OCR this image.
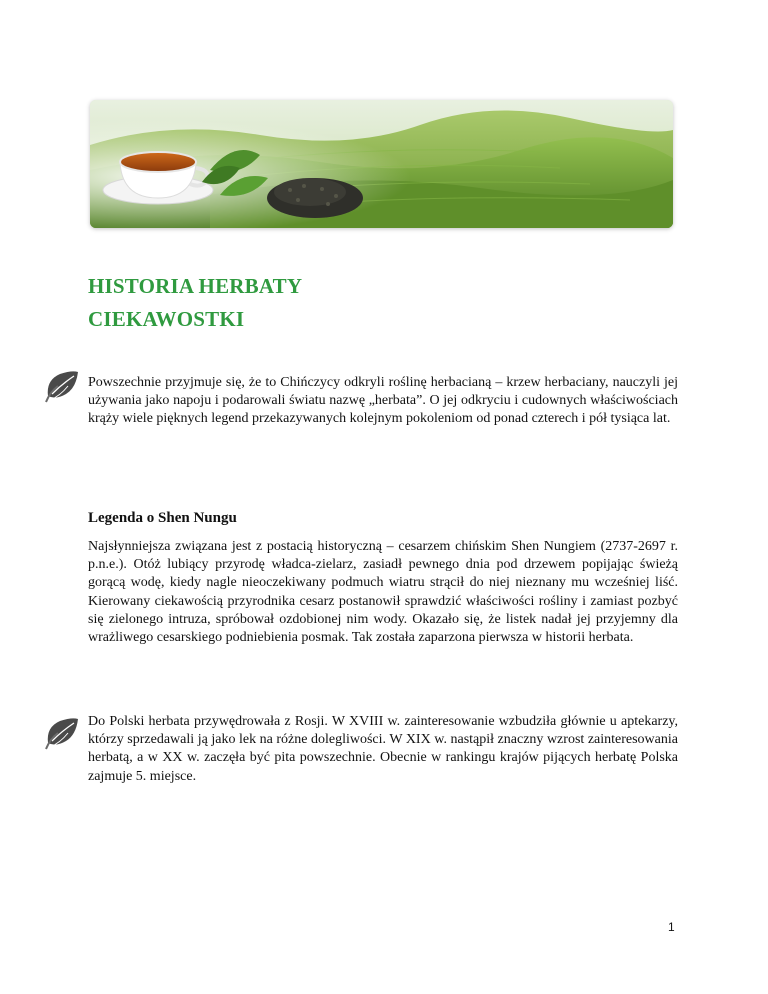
HISTORIA HERBATY
CIEKAWOSTKI

Powszechnie przyjmuje się, że to Chińczycy odkryli roślinę herbacianą – krzew herbaciany, nauczyli jej używania jako napoju i podarowali światu nazwę „herbata”. O jej odkryciu i cudownych właściwościach krąży wiele pięknych legend przekazywanych kolejnym pokoleniom od ponad czterech i pół tysiąca lat.

Legenda o Shen Nungu

Najsłynniejsza związana jest z postacią historyczną – cesarzem chińskim Shen Nungiem (2737-2697 r. p.n.e.). Otóż lubiący przyrodę władca-zielarz, zasiadł pewnego dnia pod drzewem popijając świeżą gorącą wodę, kiedy nagle nieoczekiwany podmuch wiatru strącił do niej nieznany mu wcześniej liść. Kierowany ciekawością przyrodnika cesarz postanowił sprawdzić właściwości rośliny i zamiast pozbyć się zielonego intruza, spróbował ozdobionej nim wody. Okazało się, że listek nadał jej przyjemny dla wrażliwego cesarskiego podniebienia posmak. Tak została zaparzona pierwsza w historii herbata.

Do Polski herbata przywędrowała z Rosji. W XVIII w. zainteresowanie wzbudziła głównie u aptekarzy, którzy sprzedawali ją jako lek na różne dolegliwości. W XIX w. nastąpił znaczny wzrost zainteresowania herbatą, a w XX w. zaczęła być pita powszechnie. Obecnie w rankingu krajów pijących herbatę Polska zajmuje 5. miejsce.

1
